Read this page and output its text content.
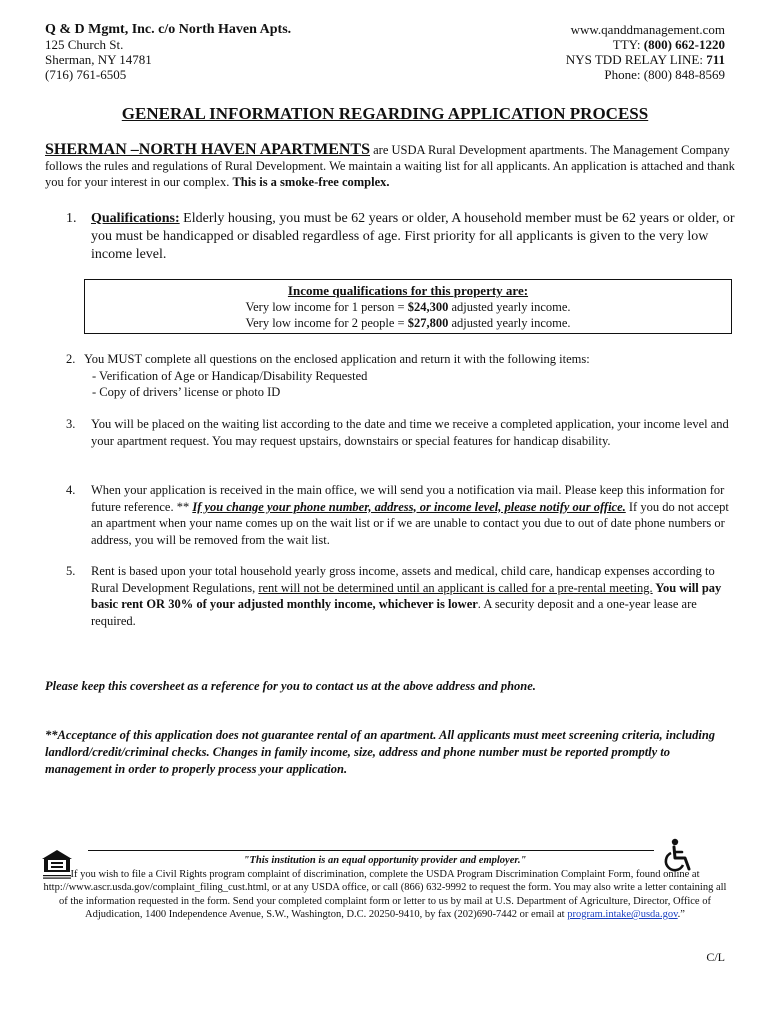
Q & D Mgmt, Inc. c/o North Haven Apts.
125 Church St.
Sherman, NY 14781
(716) 761-6505
www.qanddmanagement.com
TTY: (800) 662-1220
NYS TDD RELAY LINE: 711
Phone: (800) 848-8569
GENERAL INFORMATION REGARDING APPLICATION PROCESS
SHERMAN –NORTH HAVEN APARTMENTS are USDA Rural Development apartments. The Management Company follows the rules and regulations of Rural Development. We maintain a waiting list for all applicants. An application is attached and thank you for your interest in our complex. This is a smoke-free complex.
1. Qualifications: Elderly housing, you must be 62 years or older, A household member must be 62 years or older, or you must be handicapped or disabled regardless of age. First priority for all applicants is given to the very low income level.
Income qualifications for this property are:
Very low income for 1 person = $24,300 adjusted yearly income.
Very low income for 2 people = $27,800 adjusted yearly income.
2. You MUST complete all questions on the enclosed application and return it with the following items:
- Verification of Age or Handicap/Disability Requested
- Copy of drivers’ license or photo ID
3. You will be placed on the waiting list according to the date and time we receive a completed application, your income level and your apartment request. You may request upstairs, downstairs or special features for handicap disability.
4. When your application is received in the main office, we will send you a notification via mail. Please keep this information for future reference. ** If you change your phone number, address, or income level, please notify our office. If you do not accept an apartment when your name comes up on the wait list or if we are unable to contact you due to out of date phone numbers or address, you will be removed from the wait list.
5. Rent is based upon your total household yearly gross income, assets and medical, child care, handicap expenses according to Rural Development Regulations, rent will not be determined until an applicant is called for a pre-rental meeting. You will pay basic rent OR 30% of your adjusted monthly income, whichever is lower. A security deposit and a one-year lease are required.
Please keep this coversheet as a reference for you to contact us at the above address and phone.
**Acceptance of this application does not guarantee rental of an apartment. All applicants must meet screening criteria, including landlord/credit/criminal checks. Changes in family income, size, address and phone number must be reported promptly to management in order to properly process your application.
"This institution is an equal opportunity provider and employer."
If you wish to file a Civil Rights program complaint of discrimination, complete the USDA Program Discrimination Complaint Form, found online at http://www.ascr.usda.gov/complaint_filing_cust.html, or at any USDA office, or call (866) 632-9992 to request the form. You may also write a letter containing all of the information requested in the form. Send your completed complaint form or letter to us by mail at U.S. Department of Agriculture, Director, Office of Adjudication, 1400 Independence Avenue, S.W., Washington, D.C. 20250-9410, by fax (202)690-7442 or email at program.intake@usda.gov.”
C/L
